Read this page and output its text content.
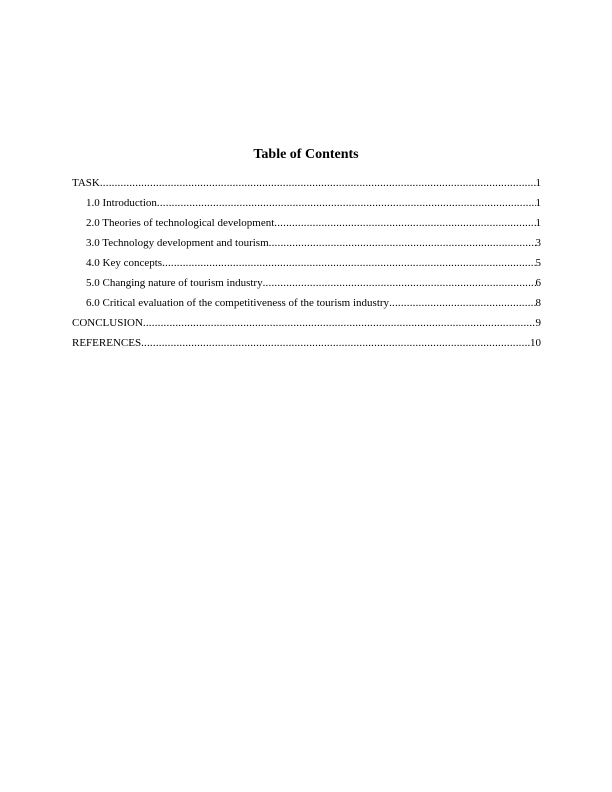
Table of Contents
TASK .....	1
1.0 Introduction .....	1
2.0 Theories of technological development .....	1
3.0 Technology development and tourism .....	3
4.0 Key concepts .....	5
5.0 Changing nature of tourism industry .....	6
6.0 Critical evaluation of the competitiveness of the tourism industry .....	8
CONCLUSION .....	9
REFERENCES .....	10
